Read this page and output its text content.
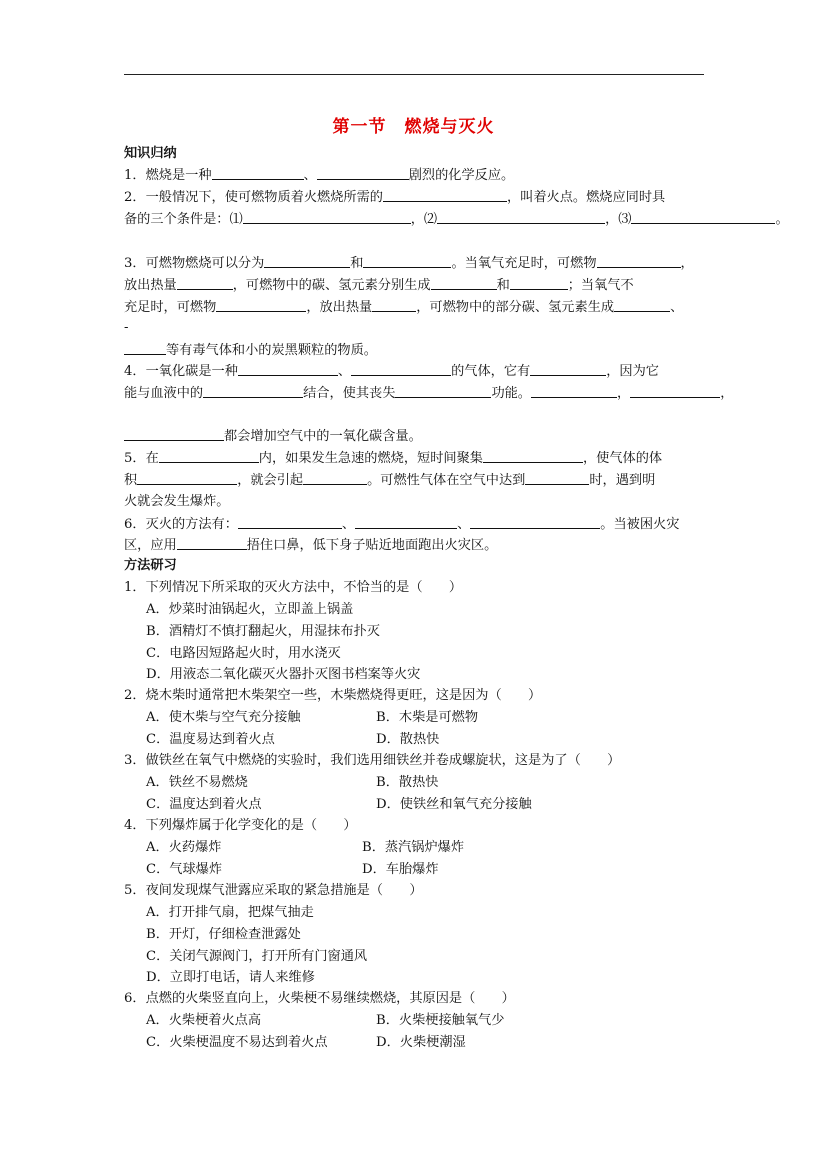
第一节　燃烧与灭火
知识归纳
1．燃烧是一种	、	剧烈的化学反应。
2．一般情况下，使可燃物质着火燃烧所需的	，叫着火点。燃烧应同时具
备的三个条件是：⑴	，⑵	，⑶	。
3．可燃物燃烧可以分为	和	。当氧气充足时，可燃物	，
放出热量	，可燃物中的碳、氢元素分别生成	和	；当氧气不
充足时，可燃物	，放出热量	，可燃物中的部分碳、氢元素生成	、
-
等有毒气体和小的炭黑颗粒的物质。
4．一氧化碳是一种	、	的气体，它有	，因为它
能与血液中的	结合，使其丧失	功能。	，	，
都会增加空气中的一氧化碳含量。
5．在	内，如果发生急速的燃烧，短时间聚集	，使气体的体
积	，就会引起	。可燃性气体在空气中达到	时，遇到明
火就会发生爆炸。
6．灭火的方法有：	、	、	。当被困火灾
区，应用	捂住口鼻，低下身子贴近地面跑出火灾区。
方法研习
1．下列情况下所采取的灭火方法中，不恰当的是（　　）
A．炒菜时油锅起火，立即盖上锅盖
B．酒精灯不慎打翻起火，用湿抹布扑灭
C．电路因短路起火时，用水浇灭
D．用液态二氧化碳灭火器扑灭图书档案等火灾
2．烧木柴时通常把木柴架空一些，木柴燃烧得更旺，这是因为（　　）
A．使木柴与空气充分接触	B．木柴是可燃物
C．温度易达到着火点	D．散热快
3．做铁丝在氧气中燃烧的实验时，我们选用细铁丝并卷成螺旋状，这是为了（　　）
A．铁丝不易燃烧	B．散热快
C．温度达到着火点	D．使铁丝和氧气充分接触
4．下列爆炸属于化学变化的是（　　）
A．火药爆炸	B．蒸汽锅炉爆炸
C．气球爆炸	D．车胎爆炸
5．夜间发现煤气泄露应采取的紧急措施是（　　）
A．打开排气扇，把煤气抽走
B．开灯，仔细检查泄露处
C．关闭气源阀门，打开所有门窗通风
D．立即打电话，请人来维修
6．点燃的火柴竖直向上，火柴梗不易继续燃烧，其原因是（　　）
A．火柴梗着火点高	B．火柴梗接触氧气少
C．火柴梗温度不易达到着火点	D．火柴梗潮湿
